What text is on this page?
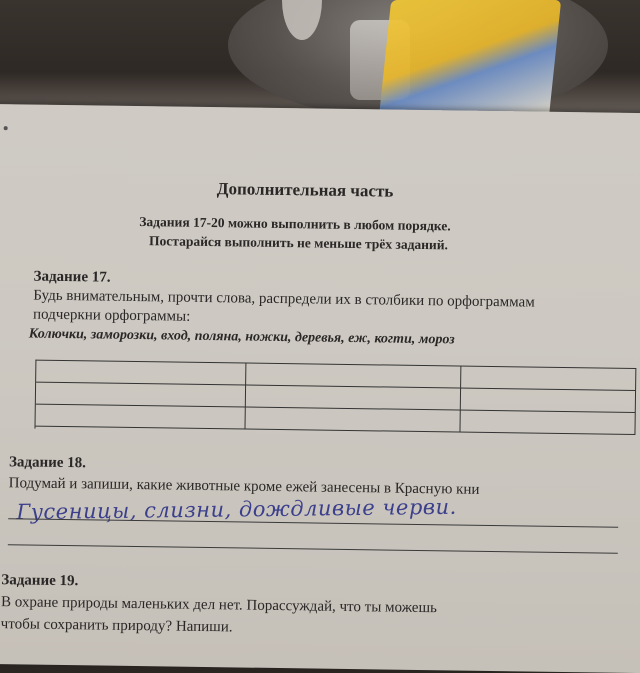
Дополнительная часть
Задания 17-20 можно выполнить в любом порядке.
Постарайся выполнить не меньше трёх заданий.
Задание 17.
Будь внимательным, прочти слова, распредели их в столбики по орфограммам
подчеркни орфограммы:
Колючки, заморозки, вход, поляна, ножки, деревья, еж, когти, мороз
Задание 18.
Подумай и запиши, какие животные кроме ежей занесены в Красную кни
Гусеницы, слизни, дождливые черви.
Задание 19.
В охране природы маленьких дел нет. Порассуждай, что ты можешь
чтобы сохранить природу? Напиши.
